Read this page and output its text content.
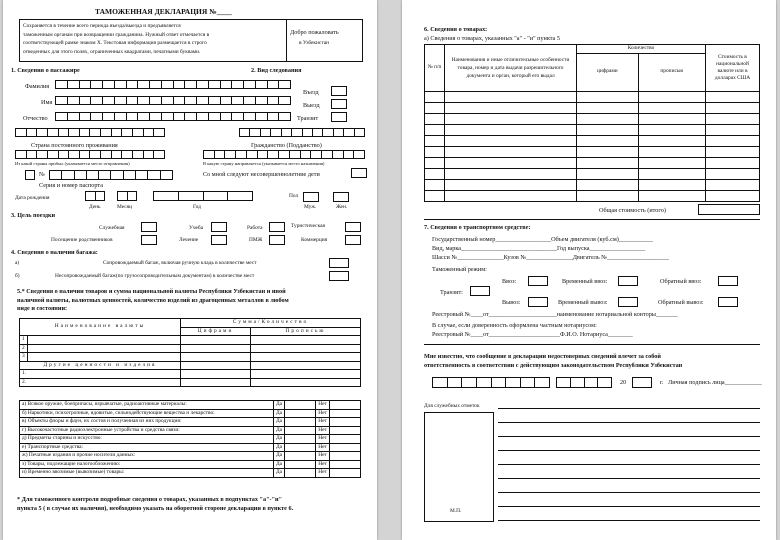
ТАМОЖЕННАЯ ДЕКЛАРАЦИЯ №____
Сохраняется в течение всего периода въезда/выезда и предъявляется
таможенным органам при возвращении гражданина. Нужный ответ отмечается в
соответствующей рамке знаком Х. Текстовая информация размещается в строго
отведенных для этого полях, ограниченных квадратами, печатными буквами.
Добро пожаловать
в Узбекистан
1. Сведения о пассажире	2. Вид следования
Фамилия
Имя
Отчество
Въезд
Выезд
Транзит
Страна постоянного проживания	Гражданство (Подданство)
Из какой страны прибыл (указывается место отправления)	В какую страну направляется (указывается место назначения)
№	Со мной следуют несовершеннолетние дети
Серия и номер паспорта
Дата рождения
День	Месяц	Год
Пол
Муж.	Жен.
3. Цель поездки
Служебная	Учеба	Работа	Туристическая
Посещение родственников	Лечение	ПМЖ	Коммерция
4. Сведения о наличии багажа:
а)	Сопровождаемый багаж, включая ручную кладь в количестве мест
б)	Несопровождаемый багаж(по грузосопроводительным документам) в количестве мест
5.* Сведения о наличии товаров и сумма национальной валюты Республики Узбекистан и иной
наличной валюты, валютных ценностей, количество изделий из драгоценных металлов в любом
виде и состоянии:
Наименование валюты		Сумма/Количество	
		Цифрами	Прописью
1			
2			
3			
Другие ценности и изделия			
1.			
2.			
а) Всякое оружие, боеприпасы, взрывчатые, радиоактивные материалы:	Да		Нет	
б) Наркотики, психотропные, ядовитые, сильнодействующие вещества и лекарство:	Да		Нет	
в) Объекты флоры и фаун, их состоя и полученная из них продукция:	Да		Нет	
г) Высокочастотные радиоэлектронные устройства и средства связи:	Да		Нет	
д) Предметы старины и искусство:	Да		Нет	
е) Транспортные средства:	Да		Нет	
ж) Печатные издания и прочие носители данных:	Да		Нет	
з) Товары, подлежащие налогообложению:	Да		Нет	
и) Временно ввозимые (вывозимые) товары:	Да		Нет	
* Для таможенного контроля подробные сведения о товарах, указанных в подпунктах "а"-"и"
пункта 5 ( в случае их наличия), необходимо указать на оборотной стороне декларации в пункте 6.
6. Сведения о товарах:
а) Сведения о товарах, указанных "а" - "и" пункта 5
№ п/п	Наименования и иные отличительные особенности товара, номер и дата выдачи разрешительного документа и орган, который его выдал	Количество		Стоимость в национальной валюте или в долларах США
		цифрами	прописью	

Общая стоимость (итого)
7. Сведения о транспортном средстве:
Государственный номер__________________Объем двигателя (куб.см)___________
Вид, марка_______________________________Год выпуска__________________
Шасси №_______________Кузов №_______________Двигатель №____________________
Таможенный режим:
Ввоз:	Временный ввоз:	Обратный ввоз:
Транзит:
Вывоз:	Временный вывоз:	Обратный вывоз:
Реестровый №____от______________________наименование нотариальной конторы_______
В случае, если доверенность оформлена частным нотариусом:
Реестровый №____от_______________________Ф.И.О. Нотариуса________
Мне известно, что сообщение в декларации недостоверных сведений влечет за собой
ответственность в соответствии с действующим законодательством Республики Узбекистан
20	г. Личная подпись лица____________
Для служебных отметок
М.П.
